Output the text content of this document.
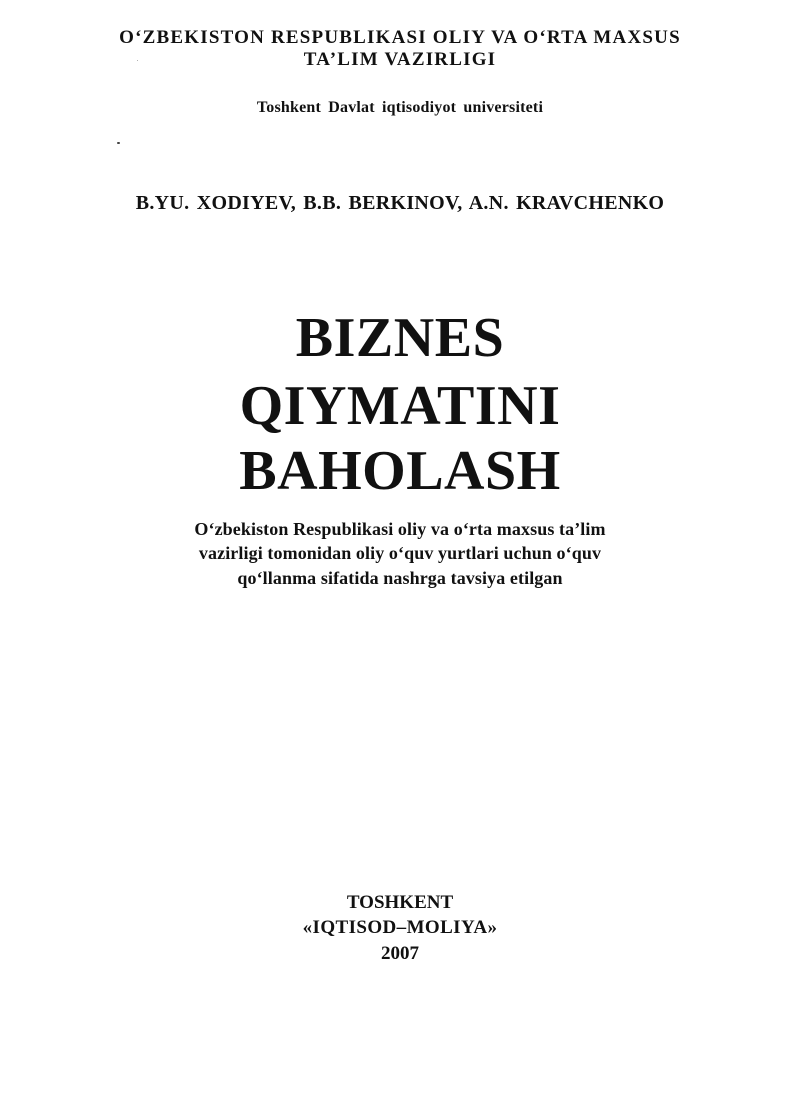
O‘ZBEKISTON RESPUBLIKASI OLIY VA O‘RTA MAXSUS
TA’LIM VAZIRLIGI
Toshkent Davlat iqtisodiyot universiteti
B.YU. XODIYEV, B.B. BERKINOV, A.N. KRAVCHENKO
BIZNES
QIYMATINI
BAHOLASH
O‘zbekiston Respublikasi oliy va o‘rta maxsus ta’lim
vazirligi tomonidan oliy o‘quv yurtlari uchun o‘quv
qo‘llanma sifatida nashrga tavsiya etilgan
TOSHKENT
«IQTISOD–MOLIYA»
2007
